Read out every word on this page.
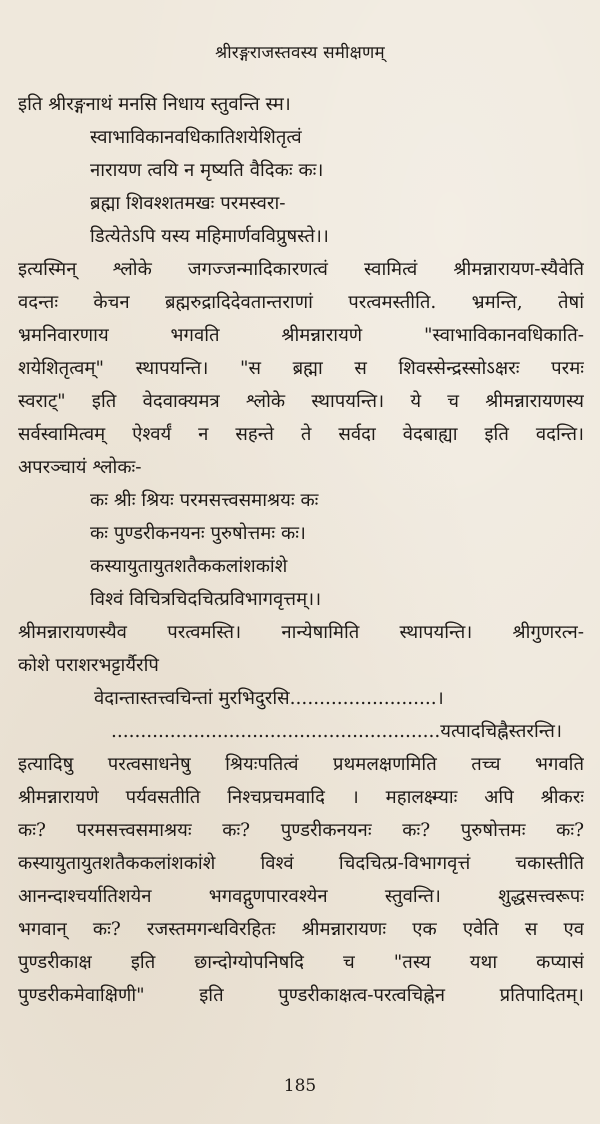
श्रीरङ्गराजस्तवस्य समीक्षणम्
इति श्रीरङ्गनाथं मनसि निधाय स्तुवन्ति स्म।
स्वाभाविकानवधिकातिशयेशितृत्वं
नारायण त्वयि न मृष्यति वैदिकः कः।
ब्रह्मा शिवश्शतमखः परमस्वरा-
डित्येतेऽपि यस्य महिमार्णवविप्रुषस्ते।।
इत्यस्मिन् श्लोके जगज्जन्मादिकारणत्वं स्वामित्वं श्रीमन्नारायण-स्यैवेति
वदन्तः केचन ब्रह्मरुद्रादिदेवतान्तराणां परत्वमस्तीति. भ्रमन्ति, तेषां
भ्रमनिवारणाय भगवति श्रीमन्नारायणे "स्वाभाविकानवधिकाति-
शयेशितृत्वम्" स्थापयन्ति। "स ब्रह्मा स शिवस्सेन्द्रस्सोऽक्षरः परमः
स्वराट्" इति वेदवाक्यमत्र श्लोके स्थापयन्ति। ये च श्रीमन्नारायणस्य
सर्वस्वामित्वम् ऐश्वर्यं न सहन्ते ते सर्वदा वेदबाह्या इति वदन्ति।
अपरञ्चायं श्लोकः-
कः श्रीः श्रियः परमसत्त्वसमाश्रयः कः
कः पुण्डरीकनयनः पुरुषोत्तमः कः।
कस्यायुतायुतशतैककलांशकांशे
विश्वं विचित्रचिदचित्प्रविभागवृत्तम्।।
श्रीमन्नारायणस्यैव परत्वमस्ति। नान्येषामिति स्थापयन्ति। श्रीगुणरत्न-
कोशे पराशरभट्टार्यैरपि
वेदान्तास्तत्त्वचिन्तां मुरभिदुरसि.........................।
........................................................यत्पादचिह्नैस्तरन्ति।
इत्यादिषु परत्वसाधनेषु श्रियःपतित्वं प्रथमलक्षणमिति तच्च भगवति
श्रीमन्नारायणे पर्यवसतीति निश्चप्रचमवादि । महालक्ष्म्याः अपि श्रीकरः
कः? परमसत्त्वसमाश्रयः कः? पुण्डरीकनयनः कः? पुरुषोत्तमः कः?
कस्यायुतायुतशतैककलांशकांशे विश्वं चिदचित्प्र-विभागवृत्तं चकास्तीति
आनन्दाश्चर्यातिशयेन भगवद्गुणपारवश्येन स्तुवन्ति। शुद्धसत्त्वरूपः
भगवान् कः? रजस्तमगन्धविरहितः श्रीमन्नारायणः एक एवेति स एव
पुण्डरीकाक्ष इति छान्दोग्योपनिषदि च "तस्य यथा कप्यासं
पुण्डरीकमेवाक्षिणी" इति पुण्डरीकाक्षत्व-परत्वचिह्नेन प्रतिपादितम्।
185
